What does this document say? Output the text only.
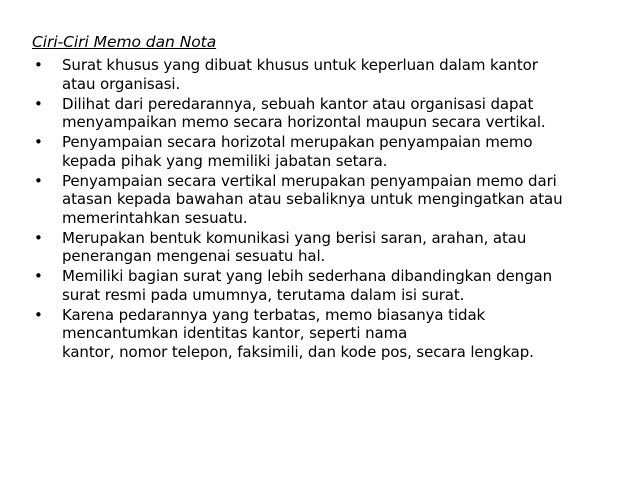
Ciri-Ciri Memo dan Nota
• Surat khusus yang dibuat khusus untuk keperluan dalam kantor
atau organisasi.
• Dilihat dari peredarannya, sebuah kantor atau organisasi dapat
menyampaikan memo secara horizontal maupun secara vertikal.
• Penyampaian secara horizotal merupakan penyampaian memo
kepada pihak yang memiliki jabatan setara.
• Penyampaian secara vertikal merupakan penyampaian memo dari
atasan kepada bawahan atau sebaliknya untuk mengingatkan atau
memerintahkan sesuatu.
• Merupakan bentuk komunikasi yang berisi saran, arahan, atau
penerangan mengenai sesuatu hal.
• Memiliki bagian surat yang lebih sederhana dibandingkan dengan
surat resmi pada umumnya, terutama dalam isi surat.
• Karena pedarannya yang terbatas, memo biasanya tidak
mencantumkan identitas kantor, seperti nama
kantor, nomor telepon, faksimili, dan kode pos, secara lengkap.
